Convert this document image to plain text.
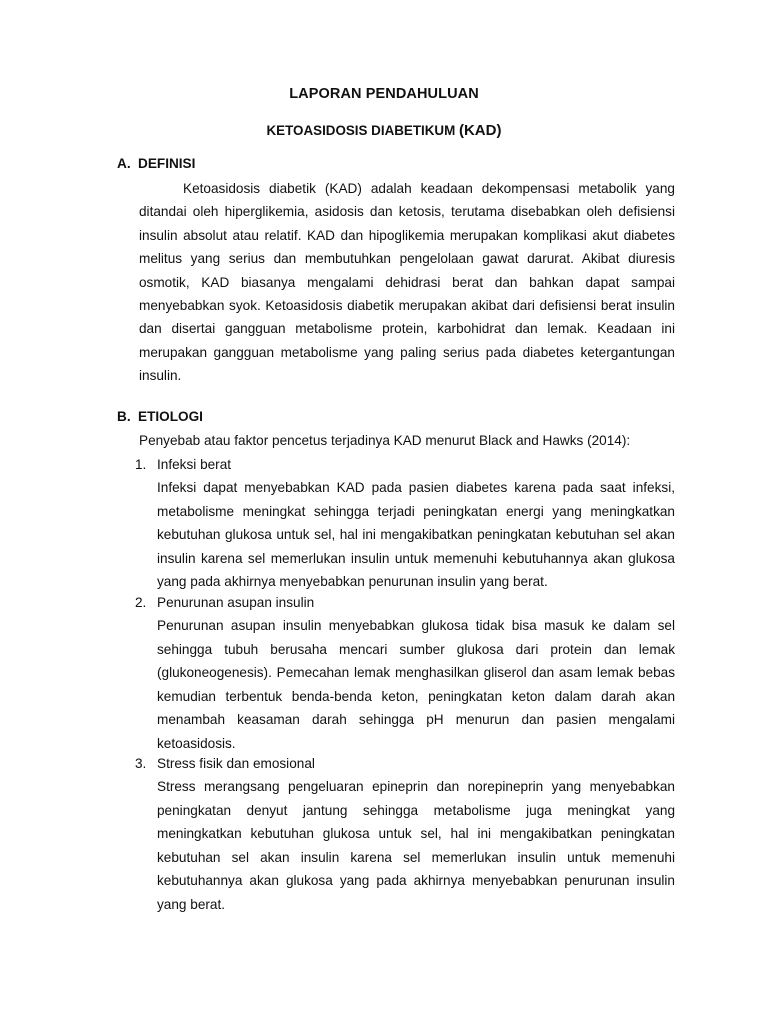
LAPORAN PENDAHULUAN
KETOASIDOSIS DIABETIKUM (KAD)
A. DEFINISI
Ketoasidosis diabetik (KAD) adalah keadaan dekompensasi metabolik yang ditandai oleh hiperglikemia, asidosis dan ketosis, terutama disebabkan oleh defisiensi insulin absolut atau relatif. KAD dan hipoglikemia merupakan komplikasi akut diabetes melitus yang serius dan membutuhkan pengelolaan gawat darurat. Akibat diuresis osmotik, KAD biasanya mengalami dehidrasi berat dan bahkan dapat sampai menyebabkan syok. Ketoasidosis diabetik merupakan akibat dari defisiensi berat insulin dan disertai gangguan metabolisme protein, karbohidrat dan lemak. Keadaan ini merupakan gangguan metabolisme yang paling serius pada diabetes ketergantungan insulin.
B. ETIOLOGI
Penyebab atau faktor pencetus terjadinya KAD menurut Black and Hawks (2014):
1. Infeksi berat
Infeksi dapat menyebabkan KAD pada pasien diabetes karena pada saat infeksi, metabolisme meningkat sehingga terjadi peningkatan energi yang meningkatkan kebutuhan glukosa untuk sel, hal ini mengakibatkan peningkatan kebutuhan sel akan insulin karena sel memerlukan insulin untuk memenuhi kebutuhannya akan glukosa yang pada akhirnya menyebabkan penurunan insulin yang berat.
2. Penurunan asupan insulin
Penurunan asupan insulin menyebabkan glukosa tidak bisa masuk ke dalam sel sehingga tubuh berusaha mencari sumber glukosa dari protein dan lemak (glukoneogenesis). Pemecahan lemak menghasilkan gliserol dan asam lemak bebas kemudian terbentuk benda-benda keton, peningkatan keton dalam darah akan menambah keasaman darah sehingga pH menurun dan pasien mengalami ketoasidosis.
3. Stress fisik dan emosional
Stress merangsang pengeluaran epineprin dan norepineprin yang menyebabkan peningkatan denyut jantung sehingga metabolisme juga meningkat yang meningkatkan kebutuhan glukosa untuk sel, hal ini mengakibatkan peningkatan kebutuhan sel akan insulin karena sel memerlukan insulin untuk memenuhi kebutuhannya akan glukosa yang pada akhirnya menyebabkan penurunan insulin yang berat.
